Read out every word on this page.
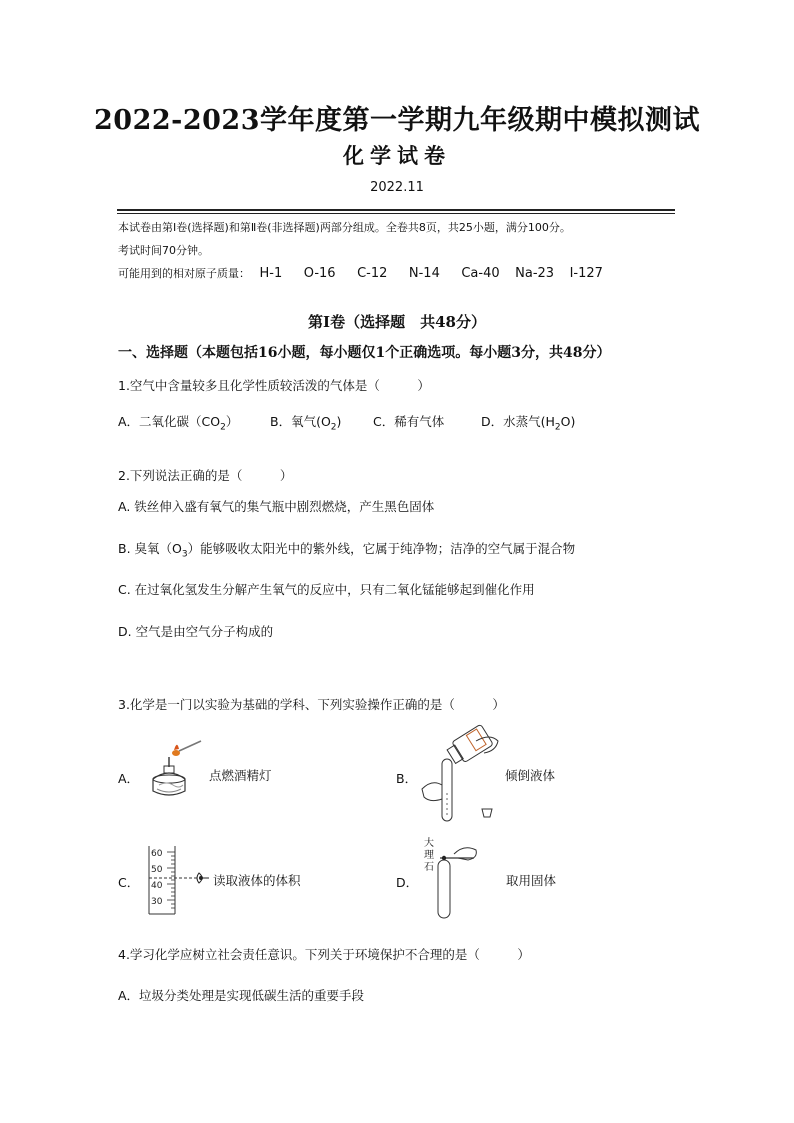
2022-2023学年度第一学期九年级期中模拟测试
化学试卷
2022.11
本试卷由第Ⅰ卷(选择题)和第Ⅱ卷(非选择题)两部分组成。全卷共8页，共25小题，满分100分。
考试时间70分钟。
可能用到的相对原子质量： H-1 O-16 C-12 N-14 Ca-40 Na-23 I-127
第Ⅰ卷（选择题　共48分）
一、选择题（本题包括16小题，每小题仅1个正确选项。每小题3分，共48分）
1.空气中含量较多且化学性质较活泼的气体是（　　　）
A．二氧化碳$(CO_2)$	B．氧气$(O_2)$	C．稀有气体	D．水蒸气$(H_2O)$
2.下列说法正确的是（　　　）
A. 铁丝伸入盛有氧气的集气瓶中剧烈燃烧，产生黑色固体
B. 臭氧$(O_3)$能够吸收太阳光中的紫外线，它属于纯净物；洁净的空气属于混合物
C. 在过氧化氢发生分解产生氧气的反应中，只有二氧化锰能够起到催化作用
D. 空气是由空气分子构成的
3.化学是一门以实验为基础的学科、下列实验操作正确的是（　　　）
A．	点燃酒精灯	B．	倾倒液体
C．
60
50
40
30
读取液体的体积	D．
大
理
石
取用固体
4.学习化学应树立社会责任意识。下列关于环境保护不合理的是（　　　）
A．垃圾分类处理是实现低碳生活的重要手段
